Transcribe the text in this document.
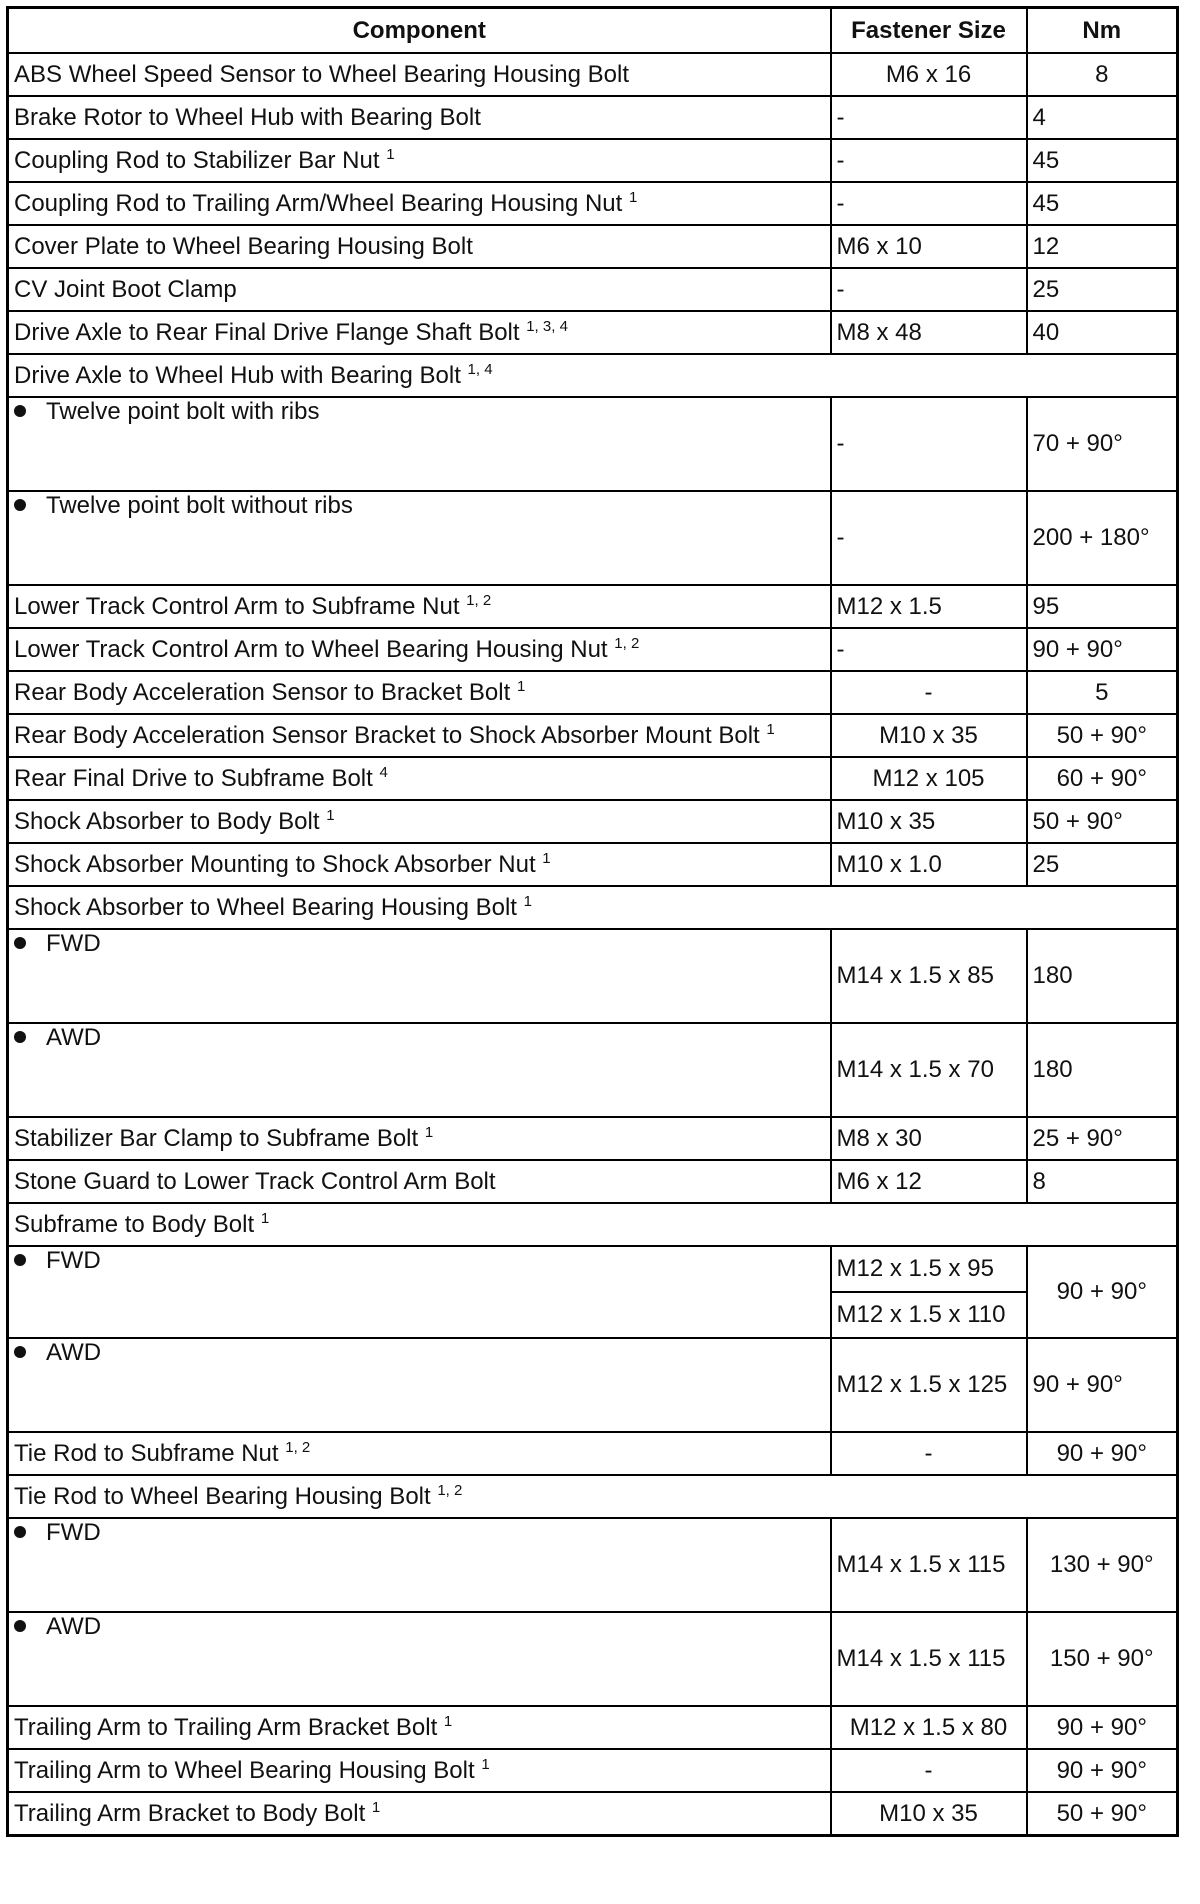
Component	Fastener Size	Nm
ABS Wheel Speed Sensor to Wheel Bearing Housing Bolt	M6 x 16	8
Brake Rotor to Wheel Hub with Bearing Bolt	-	4
Coupling Rod to Stabilizer Bar Nut $^1$	-	45
Coupling Rod to Trailing Arm/Wheel Bearing Housing Nut $^1$	-	45
Cover Plate to Wheel Bearing Housing Bolt	M6 x 10	12
CV Joint Boot Clamp	-	25
Drive Axle to Rear Final Drive Flange Shaft Bolt $^{1, 3, 4}$	M8 x 48	40
Drive Axle to Wheel Hub with Bearing Bolt $^{1, 4}$
Twelve point bolt with ribs	-	70 + 90°
Twelve point bolt without ribs	-	200 + 180°
Lower Track Control Arm to Subframe Nut $^{1, 2}$	M12 x 1.5	95
Lower Track Control Arm to Wheel Bearing Housing Nut $^{1, 2}$	-	90 + 90°
Rear Body Acceleration Sensor to Bracket Bolt $^1$	-	5
Rear Body Acceleration Sensor Bracket to Shock Absorber Mount Bolt $^1$	M10 x 35	50 + 90°
Rear Final Drive to Subframe Bolt $^4$	M12 x 105	60 + 90°
Shock Absorber to Body Bolt $^1$	M10 x 35	50 + 90°
Shock Absorber Mounting to Shock Absorber Nut $^1$	M10 x 1.0	25
Shock Absorber to Wheel Bearing Housing Bolt $^1$
FWD	M14 x 1.5 x 85	180
AWD	M14 x 1.5 x 70	180
Stabilizer Bar Clamp to Subframe Bolt $^1$	M8 x 30	25 + 90°
Stone Guard to Lower Track Control Arm Bolt	M6 x 12	8
Subframe to Body Bolt $^1$
FWD	M12 x 1.5 x 95	90 + 90°
	M12 x 1.5 x 110	
AWD	M12 x 1.5 x 125	90 + 90°
Tie Rod to Subframe Nut $^{1, 2}$	-	90 + 90°
Tie Rod to Wheel Bearing Housing Bolt $^{1, 2}$
FWD	M14 x 1.5 x 115	130 + 90°
AWD	M14 x 1.5 x 115	150 + 90°
Trailing Arm to Trailing Arm Bracket Bolt $^1$	M12 x 1.5 x 80	90 + 90°
Trailing Arm to Wheel Bearing Housing Bolt $^1$	-	90 + 90°
Trailing Arm Bracket to Body Bolt $^1$	M10 x 35	50 + 90°
